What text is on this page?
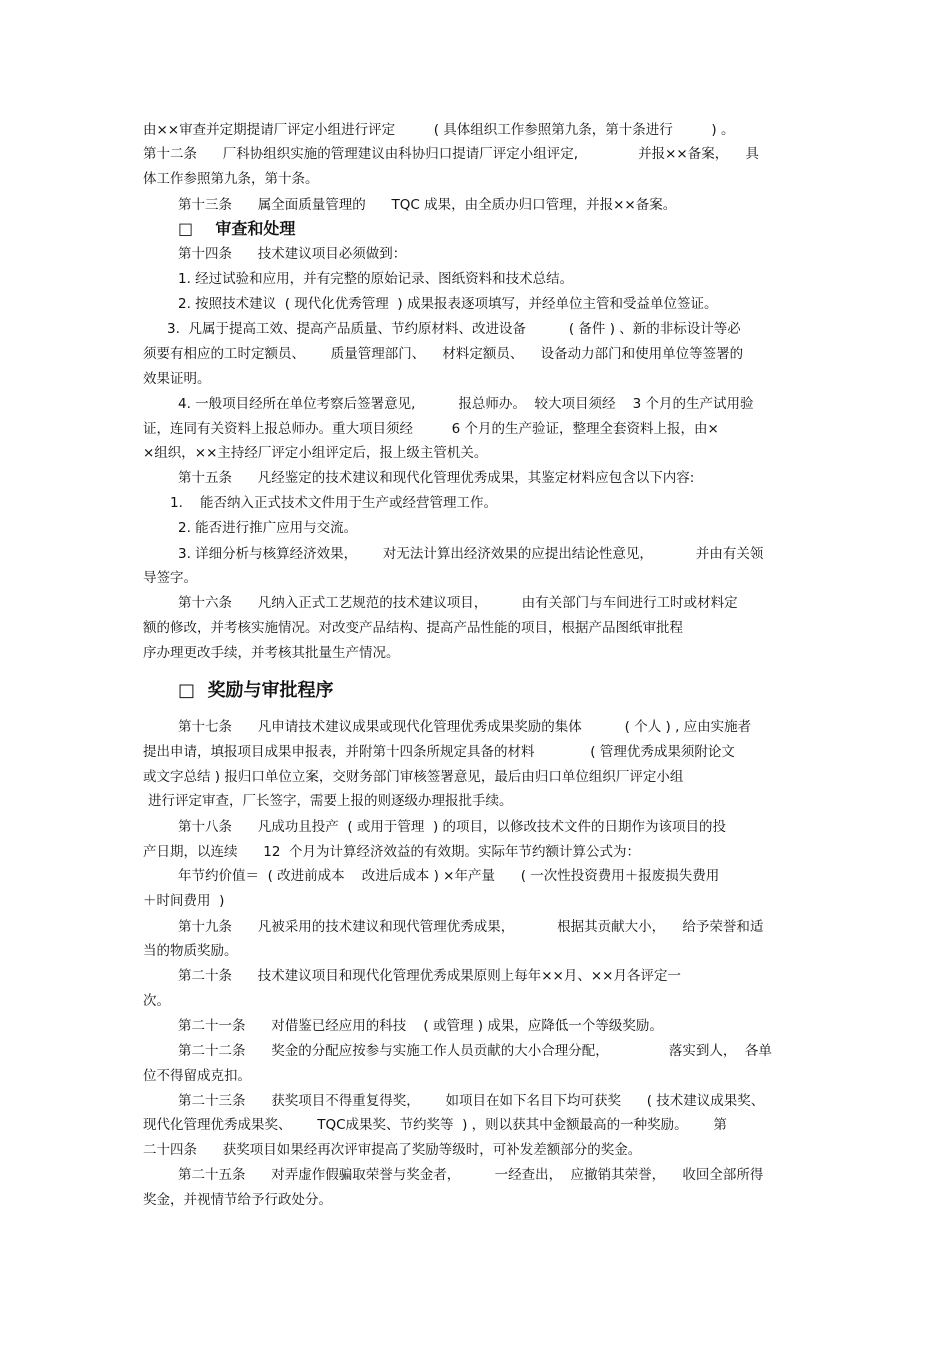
由××审查并定期提请厂评定小组进行评定         ( 具体组织工作参照第九条，第十条进行         ) 。
第十二条      厂科协组织实施的管理建议由科协归口提请厂评定小组评定,              并报××备案，    具
体工作参照第九条，第十条。
第十三条      属全面质量管理的      TQC 成果，由全质办归口管理，并报××备案。
□    审查和处理
第十四条      技术建议项目必须做到：
1. 经过试验和应用，并有完整的原始记录、图纸资料和技术总结。
2. 按照技术建议  ( 现代化优秀管理  ) 成果报表逐项填写，并经单位主管和受益单位签证。
3.  凡属于提高工效、提高产品质量、节约原材料、改进设备          ( 备件 ) 、新的非标设计等必
须要有相应的工时定额员、      质量管理部门、    材料定额员、    设备动力部门和使用单位等签署的
效果证明。
4. 一般项目经所在单位考察后签署意见,          报总师办。  较大项目须经    3 个月的生产试用验
证，连同有关资料上报总师办。重大项目须经         6 个月的生产验证，整理全套资料上报，由×
×组织，××主持经厂评定小组评定后，报上级主管机关。
第十五条      凡经鉴定的技术建议和现代化管理优秀成果，其鉴定材料应包含以下内容:
1.    能否纳入正式技术文件用于生产或经营管理工作。
2. 能否进行推广应用与交流。
3. 详细分析与核算经济效果，      对无法计算出经济效果的应提出结论性意见，          并由有关领
导签字。
第十六条      凡纳入正式工艺规范的技术建议项目，        由有关部门与车间进行工时或材料定
额的修改，并考核实施情况。对改变产品结构、提高产品性能的项目，根据产品图纸审批程
序办理更改手续，并考核其批量生产情况。
□  奖励与审批程序
第十七条      凡申请技术建议成果或现代化管理优秀成果奖励的集体          ( 个人 ) , 应由实施者
提出申请，填报项目成果申报表，并附第十四条所规定具备的材料             ( 管理优秀成果须附论文
或文字总结 ) 报归口单位立案，交财务部门审核签署意见，最后由归口单位组织厂评定小组
进行评定审查，厂长签字，需要上报的则逐级办理报批手续。
第十八条      凡成功且投产  ( 或用于管理  ) 的项目，以修改技术文件的日期作为该项目的投
产日期，以连续      12  个月为计算经济效益的有效期。实际年节约额计算公式为：
年节约价值＝  ( 改进前成本    改进后成本 ) ×年产量      ( 一次性投资费用＋报废损失费用
＋时间费用  )
第十九条      凡被采用的技术建议和现代管理优秀成果，          根据其贡献大小，    给予荣誉和适
当的物质奖励。
第二十条      技术建议项目和现代化管理优秀成果原则上每年××月、××月各评定一
次。
第二十一条      对借鉴已经应用的科技    ( 或管理 ) 成果，应降低一个等级奖励。
第二十二条      奖金的分配应按参与实施工作人员贡献的大小合理分配，              落实到人，  各单
位不得留成克扣。
第二十三条      获奖项目不得重复得奖，      如项目在如下名目下均可获奖      ( 技术建议成果奖、
现代化管理优秀成果奖、      TQC成果奖、节约奖等  ) ，则以获其中金额最高的一种奖励。      第
二十四条      获奖项目如果经再次评审提高了奖励等级时，可补发差额部分的奖金。
第二十五条      对弄虚作假骗取荣誉与奖金者，        一经查出，  应撤销其荣誉，    收回全部所得
奖金，并视情节给予行政处分。
